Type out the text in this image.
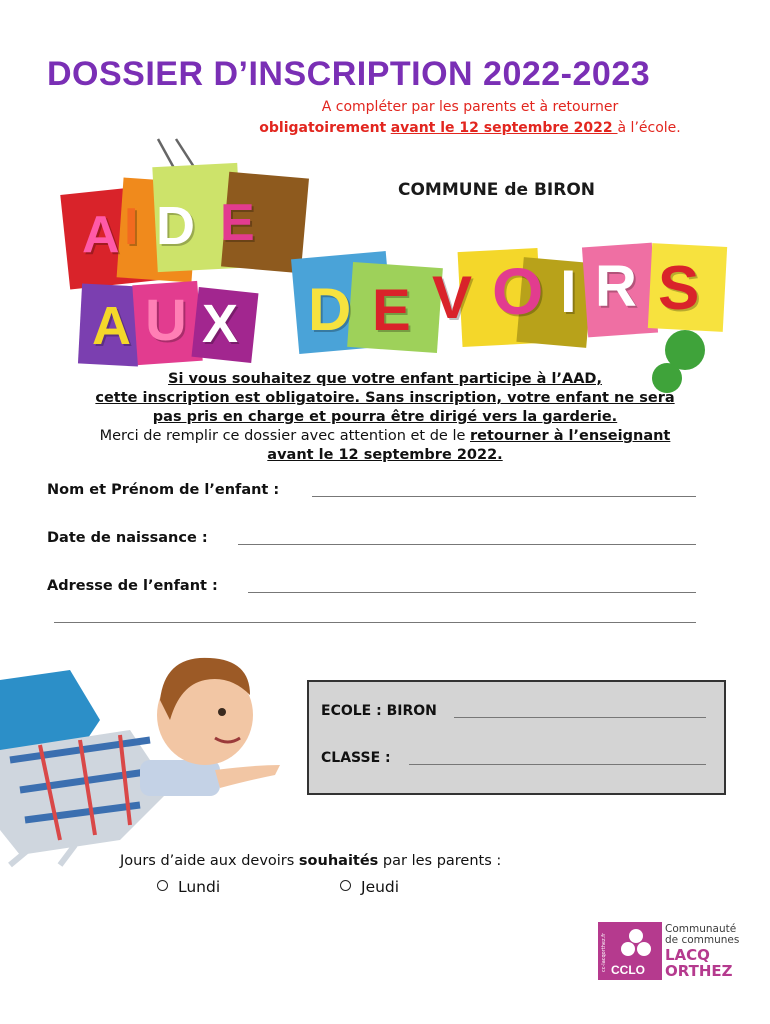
DOSSIER D’INSCRIPTION 2022-2023
A compléter par les parents et à retourner
obligatoirement avant le 12 septembre 2022 à l’école.
A I D E
A U X D E V O I R S
COMMUNE de BIRON
Si vous souhaitez que votre enfant participe à l’AAD,
cette inscription est obligatoire. Sans inscription, votre enfant ne sera
pas pris en charge et pourra être dirigé vers la garderie.
Merci de remplir ce dossier avec attention et de le retourner à l’enseignant
avant le 12 septembre 2022.
Nom et Prénom de l’enfant :
Date de naissance :
Adresse de l’enfant :
ECOLE : BIRON
CLASSE :
Jours d’aide aux devoirs souhaités par les parents :
Lundi	Jeudi
CCLO
cc-lacqorthez.fr
Communauté
de communes
LACQ
ORTHEZ
